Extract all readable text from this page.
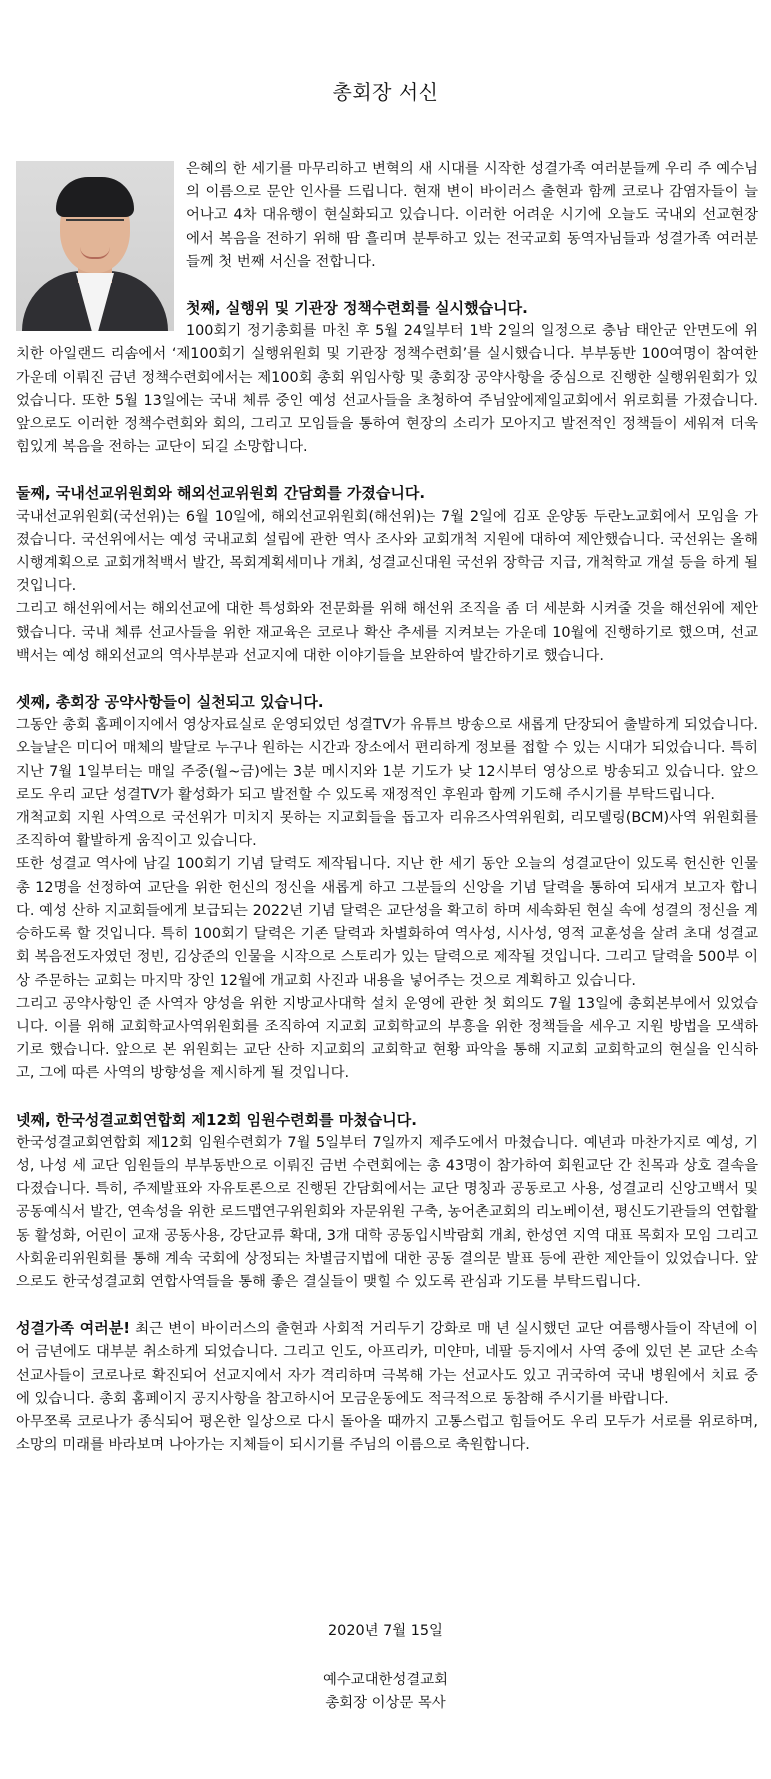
총회장 서신

은혜의 한 세기를 마무리하고 변혁의 새 시대를 시작한 성결가족 여러분들께 우리 주 예수님의 이름으로 문안 인사를 드립니다. 현재 변이 바이러스 출현과 함께 코로나 감염자들이 늘어나고 4차 대유행이 현실화되고 있습니다. 이러한 어려운 시기에 오늘도 국내외 선교현장에서 복음을 전하기 위해 땀 흘리며 분투하고 있는 전국교회 동역자님들과 성결가족 여러분들께 첫 번째 서신을 전합니다.

첫째, 실행위 및 기관장 정책수련회를 실시했습니다.

100회기 정기총회를 마친 후 5월 24일부터 1박 2일의 일정으로 충남 태안군 안면도에 위치한 아일랜드 리솜에서 ‘제100회기 실행위원회 및 기관장 정책수련회’를 실시했습니다. 부부동반 100여명이 참여한 가운데 이뤄진 금년 정책수련회에서는 제100회 총회 위임사항 및 총회장 공약사항을 중심으로 진행한 실행위원회가 있었습니다. 또한 5월 13일에는 국내 체류 중인 예성 선교사들을 초청하여 주님앞에제일교회에서 위로회를 가졌습니다. 앞으로도 이러한 정책수련회와 회의, 그리고 모임들을 통하여 현장의 소리가 모아지고 발전적인 정책들이 세워져 더욱 힘있게 복음을 전하는 교단이 되길 소망합니다.

둘째, 국내선교위원회와 해외선교위원회 간담회를 가졌습니다.

국내선교위원회(국선위)는 6월 10일에, 해외선교위원회(해선위)는 7월 2일에 김포 운양동 두란노교회에서 모임을 가졌습니다. 국선위에서는 예성 국내교회 설립에 관한 역사 조사와 교회개척 지원에 대하여 제안했습니다. 국선위는 올해 시행계획으로 교회개척백서 발간, 목회계획세미나 개최, 성결교신대원 국선위 장학금 지급, 개척학교 개설 등을 하게 될 것입니다.

그리고 해선위에서는 해외선교에 대한 특성화와 전문화를 위해 해선위 조직을 좀 더 세분화 시켜줄 것을 해선위에 제안했습니다. 국내 체류 선교사들을 위한 재교육은 코로나 확산 추세를 지켜보는 가운데 10월에 진행하기로 했으며, 선교백서는 예성 해외선교의 역사부분과 선교지에 대한 이야기들을 보완하여 발간하기로 했습니다.

셋째, 총회장 공약사항들이 실천되고 있습니다.

그동안 총회 홈페이지에서 영상자료실로 운영되었던 성결TV가 유튜브 방송으로 새롭게 단장되어 출발하게 되었습니다. 오늘날은 미디어 매체의 발달로 누구나 원하는 시간과 장소에서 편리하게 정보를 접할 수 있는 시대가 되었습니다. 특히 지난 7월 1일부터는 매일 주중(월~금)에는 3분 메시지와 1분 기도가 낮 12시부터 영상으로 방송되고 있습니다. 앞으로도 우리 교단 성결TV가 활성화가 되고 발전할 수 있도록 재정적인 후원과 함께 기도해 주시기를 부탁드립니다.

개척교회 지원 사역으로 국선위가 미치지 못하는 지교회들을 돕고자 리유즈사역위원회, 리모델링(BCM)사역 위원회를 조직하여 활발하게 움직이고 있습니다.

또한 성결교 역사에 남길 100회기 기념 달력도 제작됩니다. 지난 한 세기 동안 오늘의 성결교단이 있도록 헌신한 인물 총 12명을 선정하여 교단을 위한 헌신의 정신을 새롭게 하고 그분들의 신앙을 기념 달력을 통하여 되새겨 보고자 합니다. 예성 산하 지교회들에게 보급되는 2022년 기념 달력은 교단성을 확고히 하며 세속화된 현실 속에 성결의 정신을 계승하도록 할 것입니다. 특히 100회기 달력은 기존 달력과 차별화하여 역사성, 시사성, 영적 교훈성을 살려 초대 성결교회 복음전도자였던 정빈, 김상준의 인물을 시작으로 스토리가 있는 달력으로 제작될 것입니다. 그리고 달력을 500부 이상 주문하는 교회는 마지막 장인 12월에 개교회 사진과 내용을 넣어주는 것으로 계획하고 있습니다.

그리고 공약사항인 준 사역자 양성을 위한 지방교사대학 설치 운영에 관한 첫 회의도 7월 13일에 총회본부에서 있었습니다. 이를 위해 교회학교사역위원회를 조직하여 지교회 교회학교의 부흥을 위한 정책들을 세우고 지원 방법을 모색하기로 했습니다. 앞으로 본 위원회는 교단 산하 지교회의 교회학교 현황 파악을 통해 지교회 교회학교의 현실을 인식하고, 그에 따른 사역의 방향성을 제시하게 될 것입니다.

넷째, 한국성결교회연합회 제12회 임원수련회를 마쳤습니다.

한국성결교회연합회 제12회 임원수련회가 7월 5일부터 7일까지 제주도에서 마쳤습니다. 예년과 마찬가지로 예성, 기성, 나성 세 교단 임원들의 부부동반으로 이뤄진 금번 수련회에는 총 43명이 참가하여 회원교단 간 친목과 상호 결속을 다졌습니다. 특히, 주제발표와 자유토론으로 진행된 간담회에서는 교단 명칭과 공동로고 사용, 성결교리 신앙고백서 및 공동예식서 발간, 연속성을 위한 로드맵연구위원회와 자문위원 구축, 농어촌교회의 리노베이션, 평신도기관들의 연합활동 활성화, 어린이 교재 공동사용, 강단교류 확대, 3개 대학 공동입시박람회 개최, 한성연 지역 대표 목회자 모임 그리고 사회윤리위원회를 통해 계속 국회에 상정되는 차별금지법에 대한 공동 결의문 발표 등에 관한 제안들이 있었습니다. 앞으로도 한국성결교회 연합사역들을 통해 좋은 결실들이 맺힐 수 있도록 관심과 기도를 부탁드립니다.

성결가족 여러분! 최근 변이 바이러스의 출현과 사회적 거리두기 강화로 매 년 실시했던 교단 여름행사들이 작년에 이어 금년에도 대부분 취소하게 되었습니다. 그리고 인도, 아프리카, 미얀마, 네팔 등지에서 사역 중에 있던 본 교단 소속 선교사들이 코로나로 확진되어 선교지에서 자가 격리하며 극복해 가는 선교사도 있고 귀국하여 국내 병원에서 치료 중에 있습니다. 총회 홈페이지 공지사항을 참고하시어 모금운동에도 적극적으로 동참해 주시기를 바랍니다.

아무쪼록 코로나가 종식되어 평온한 일상으로 다시 돌아올 때까지 고통스럽고 힘들어도 우리 모두가 서로를 위로하며, 소망의 미래를 바라보며 나아가는 지체들이 되시기를 주님의 이름으로 축원합니다.

2020년 7월 15일
예수교대한성결교회
총회장 이상문 목사
